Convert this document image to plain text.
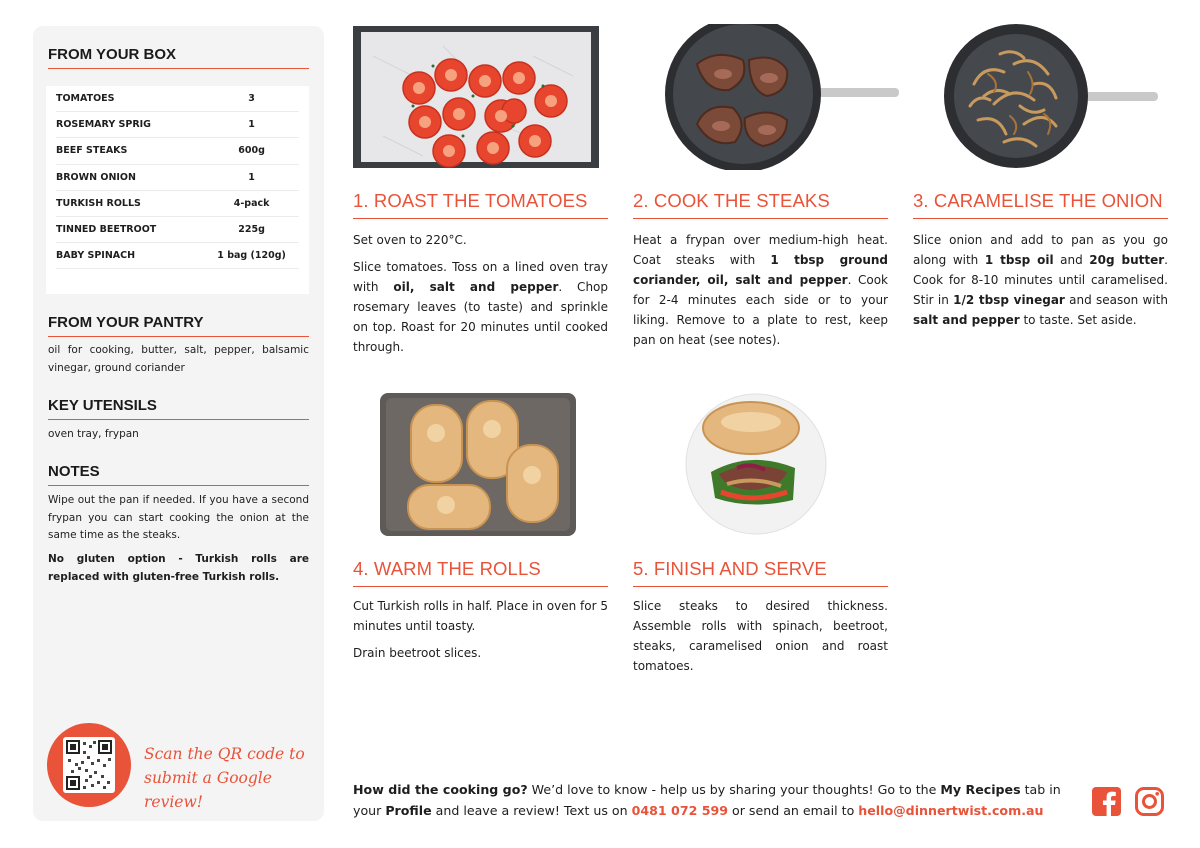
FROM YOUR BOX
TOMATOES	3
ROSEMARY SPRIG	1
BEEF STEAKS	600g
BROWN ONION	1
TURKISH ROLLS	4-pack
TINNED BEETROOT	225g
BABY SPINACH	1 bag (120g)
FROM YOUR PANTRY
oil for cooking, butter, salt, pepper, balsamic vinegar, ground coriander
KEY UTENSILS
oven tray, frypan
NOTES
Wipe out the pan if needed. If you have a second frypan you can start cooking the onion at the same time as the steaks.
No gluten option - Turkish rolls are replaced with gluten-free Turkish rolls.
Scan the QR code to submit a Google review!
1. ROAST THE TOMATOES	2. COOK THE STEAKS	3. CARAMELISE THE ONION
4. WARM THE ROLLS	5. FINISH AND SERVE

Set oven to 220°C.

Slice tomatoes. Toss on a lined oven tray with oil, salt and pepper. Chop rosemary leaves (to taste) and sprinkle on top. Roast for 20 minutes until cooked through.

Heat a frypan over medium-high heat. Coat steaks with 1 tbsp ground coriander, oil, salt and pepper. Cook for 2-4 minutes each side or to your liking. Remove to a plate to rest, keep pan on heat (see notes).

Slice onion and add to pan as you go along with 1 tbsp oil and 20g butter. Cook for 8-10 minutes until caramelised. Stir in 1/2 tbsp vinegar and season with salt and pepper to taste. Set aside.

Cut Turkish rolls in half. Place in oven for 5 minutes until toasty.

Drain beetroot slices.

Slice steaks to desired thickness. Assemble rolls with spinach, beetroot, steaks, caramelised onion and roast tomatoes.

How did the cooking go? We’d love to know - help us by sharing your thoughts! Go to the My Recipes tab in your Profile and leave a review! Text us on 0481 072 599 or send an email to hello@dinnertwist.com.au
